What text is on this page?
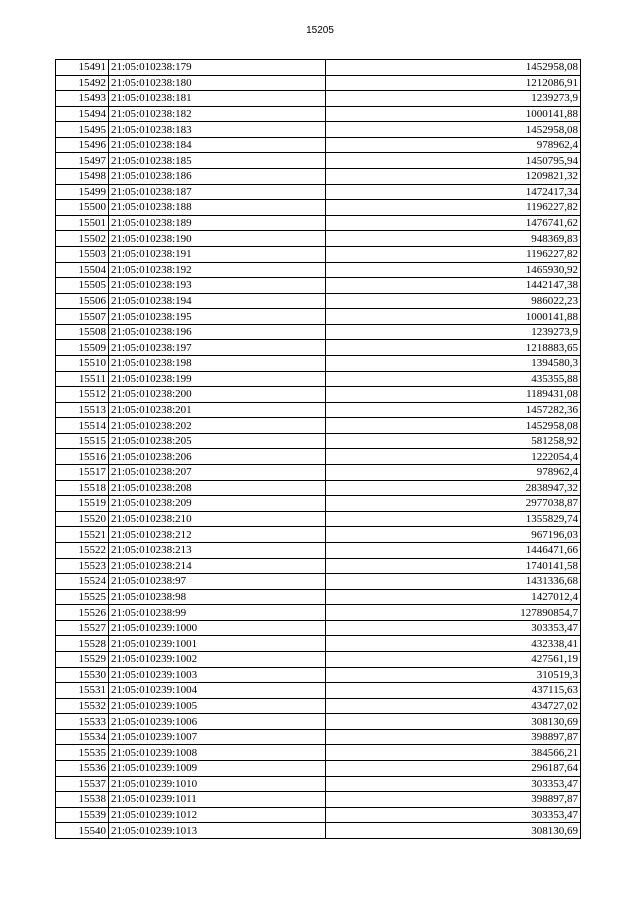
15205
15491	21:05:010238:179	1452958,08
15492	21:05:010238:180	1212086,91
15493	21:05:010238:181	1239273,9
15494	21:05:010238:182	1000141,88
15495	21:05:010238:183	1452958,08
15496	21:05:010238:184	978962,4
15497	21:05:010238:185	1450795,94
15498	21:05:010238:186	1209821,32
15499	21:05:010238:187	1472417,34
15500	21:05:010238:188	1196227,82
15501	21:05:010238:189	1476741,62
15502	21:05:010238:190	948369,83
15503	21:05:010238:191	1196227,82
15504	21:05:010238:192	1465930,92
15505	21:05:010238:193	1442147,38
15506	21:05:010238:194	986022,23
15507	21:05:010238:195	1000141,88
15508	21:05:010238:196	1239273,9
15509	21:05:010238:197	1218883,65
15510	21:05:010238:198	1394580,3
15511	21:05:010238:199	435355,88
15512	21:05:010238:200	1189431,08
15513	21:05:010238:201	1457282,36
15514	21:05:010238:202	1452958,08
15515	21:05:010238:205	581258,92
15516	21:05:010238:206	1222054,4
15517	21:05:010238:207	978962,4
15518	21:05:010238:208	2838947,32
15519	21:05:010238:209	2977038,87
15520	21:05:010238:210	1355829,74
15521	21:05:010238:212	967196,03
15522	21:05:010238:213	1446471,66
15523	21:05:010238:214	1740141,58
15524	21:05:010238:97	1431336,68
15525	21:05:010238:98	1427012,4
15526	21:05:010238:99	127890854,7
15527	21:05:010239:1000	303353,47
15528	21:05:010239:1001	432338,41
15529	21:05:010239:1002	427561,19
15530	21:05:010239:1003	310519,3
15531	21:05:010239:1004	437115,63
15532	21:05:010239:1005	434727,02
15533	21:05:010239:1006	308130,69
15534	21:05:010239:1007	398897,87
15535	21:05:010239:1008	384566,21
15536	21:05:010239:1009	296187,64
15537	21:05:010239:1010	303353,47
15538	21:05:010239:1011	398897,87
15539	21:05:010239:1012	303353,47
15540	21:05:010239:1013	308130,69
